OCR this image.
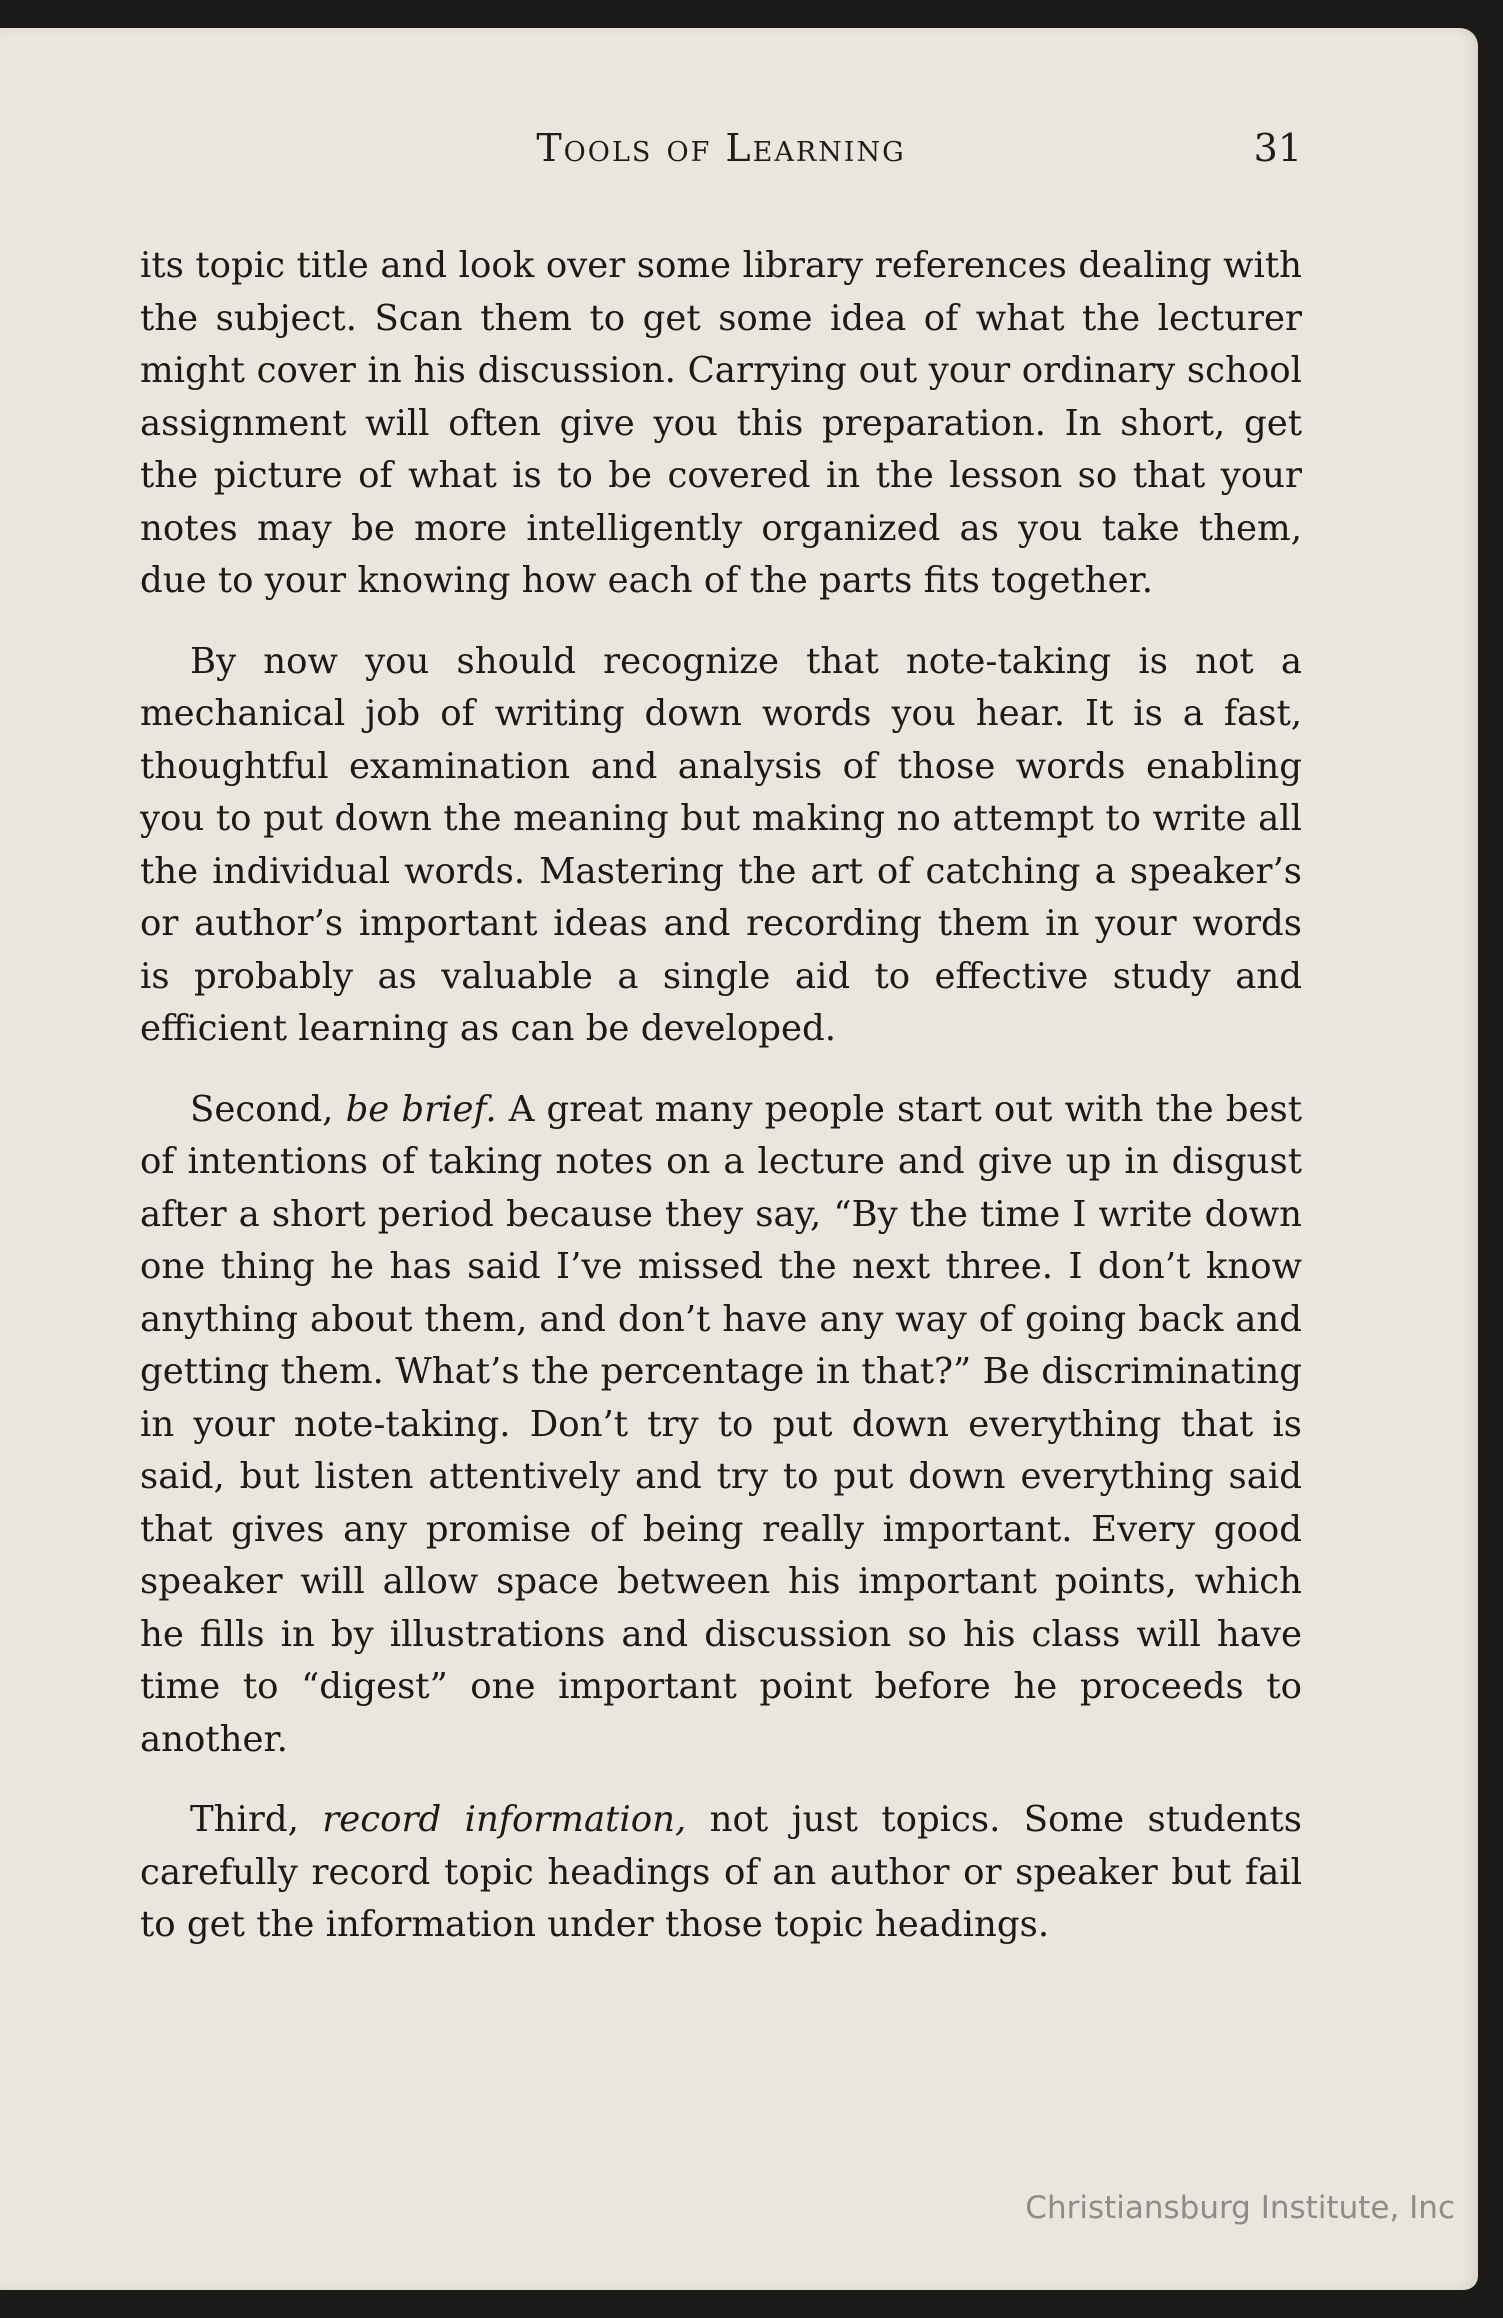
Tools of Learning	31

its topic title and look over some library references dealing with the subject. Scan them to get some idea of what the lecturer might cover in his discussion. Carrying out your ordinary school assignment will often give you this preparation. In short, get the picture of what is to be covered in the lesson so that your notes may be more intelligently organized as you take them, due to your knowing how each of the parts fits together.

By now you should recognize that note-taking is not a mechanical job of writing down words you hear. It is a fast, thoughtful examination and analysis of those words enabling you to put down the meaning but making no attempt to write all the individual words. Mastering the art of catching a speaker’s or author’s important ideas and recording them in your words is probably as valuable a single aid to effective study and efficient learning as can be developed.

Second, be brief. A great many people start out with the best of intentions of taking notes on a lecture and give up in disgust after a short period because they say, “By the time I write down one thing he has said I’ve missed the next three. I don’t know anything about them, and don’t have any way of going back and getting them. What’s the percentage in that?” Be discriminating in your note-taking. Don’t try to put down everything that is said, but listen attentively and try to put down everything said that gives any promise of being really important. Every good speaker will allow space between his important points, which he fills in by illustrations and discussion so his class will have time to “digest” one important point before he proceeds to another.

Third, record information, not just topics. Some students carefully record topic headings of an author or speaker but fail to get the information under those topic headings.

Christiansburg Institute, Inc
